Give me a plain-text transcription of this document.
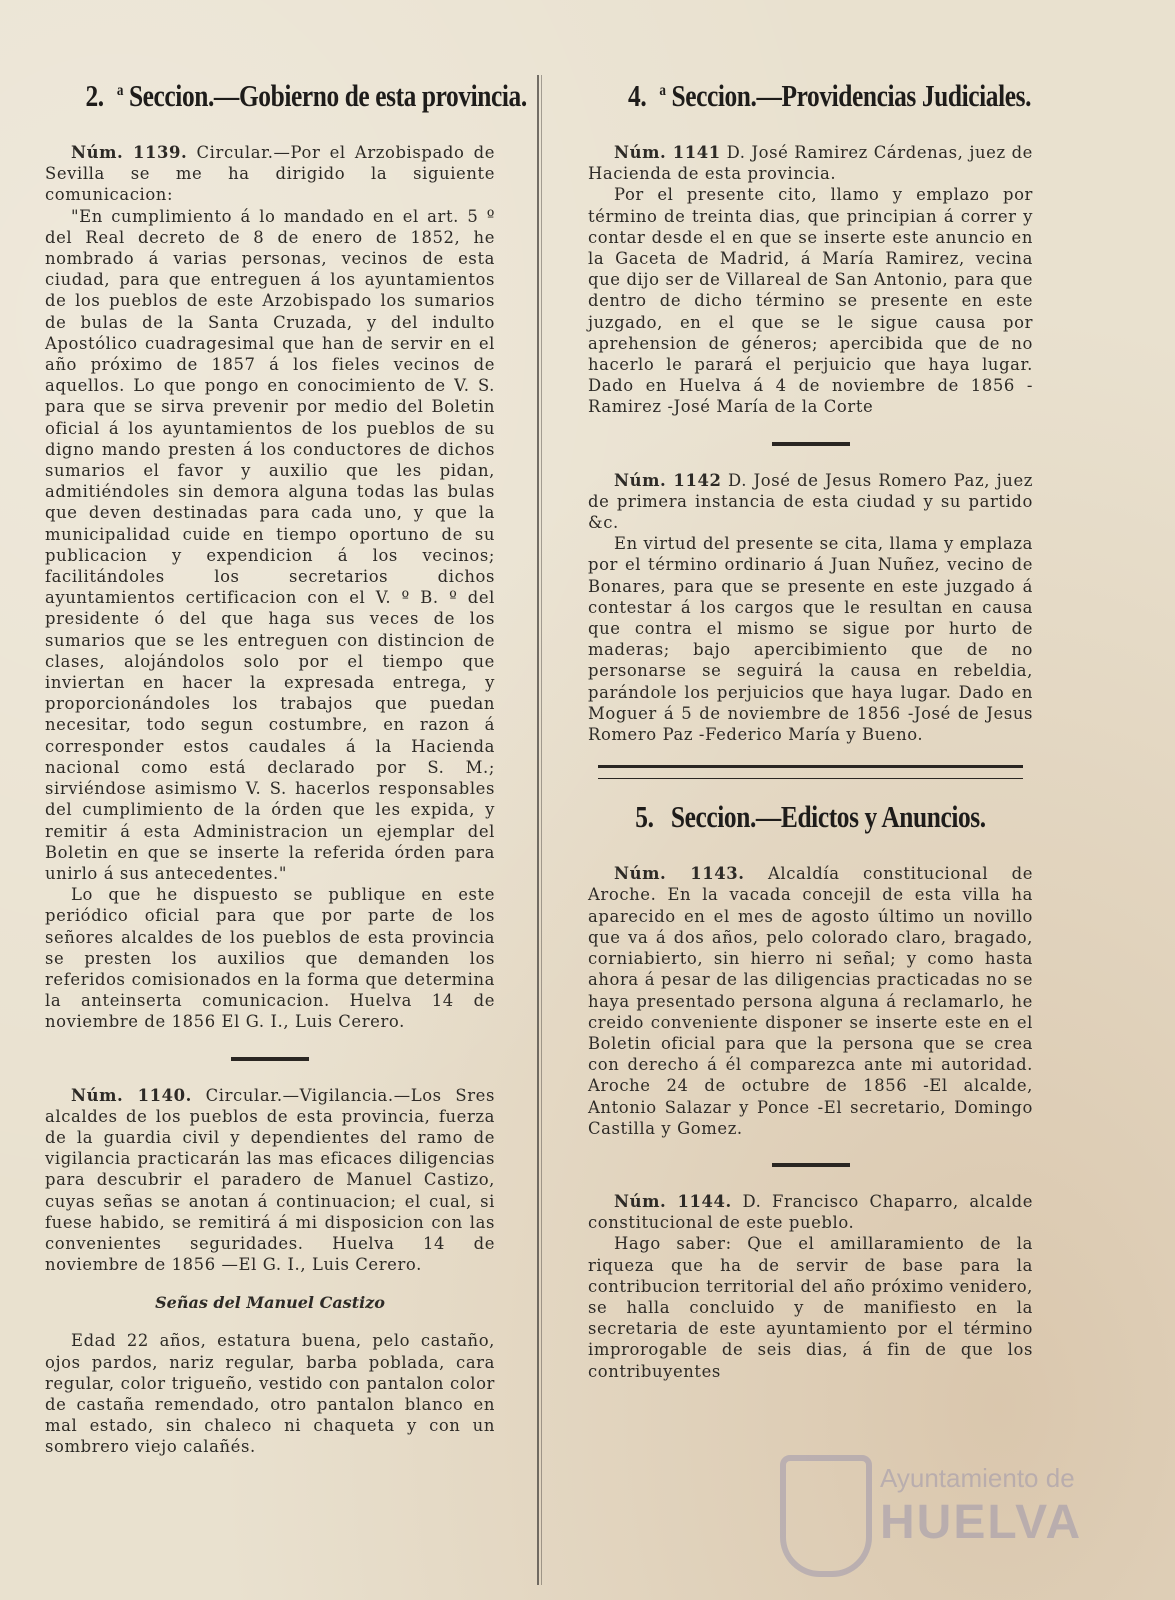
2. $^a$ Seccion.—Gobierno de esta provincia.

Núm. 1139. Circular.—Por el Arzobispado de Sevilla se me ha dirigido la siguiente comunicacion:

"En cumplimiento á lo mandado en el art. 5 º del Real decreto de 8 de enero de 1852, he nombrado á varias personas, vecinos de esta ciudad, para que entreguen á los ayuntamientos de los pueblos de este Arzobispado los sumarios de bulas de la Santa Cruzada, y del indulto Apostólico cuadragesimal que han de servir en el año próximo de 1857 á los fieles vecinos de aquellos. Lo que pongo en conocimiento de V. S. para que se sirva prevenir por medio del Boletin oficial á los ayuntamientos de los pueblos de su digno mando presten á los conductores de dichos sumarios el favor y auxilio que les pidan, admitiéndoles sin demora alguna todas las bulas que deven destinadas para cada uno, y que la municipalidad cuide en tiempo oportuno de su publicacion y expendicion á los vecinos; facilitándoles los secretarios dichos ayuntamientos certificacion con el V. º B. º del presidente ó del que haga sus veces de los sumarios que se les entreguen con distincion de clases, alojándolos solo por el tiempo que inviertan en hacer la expresada entrega, y proporcionándoles los trabajos que puedan necesitar, todo segun costumbre, en razon á corresponder estos caudales á la Hacienda nacional como está declarado por S. M.; sirviéndose asimismo V. S. hacerlos responsables del cumplimiento de la órden que les expida, y remitir á esta Administracion un ejemplar del Boletin en que se inserte la referida órden para unirlo á sus antecedentes."

Lo que he dispuesto se publique en este periódico oficial para que por parte de los señores alcaldes de los pueblos de esta provincia se presten los auxilios que demanden los referidos comisionados en la forma que determina la anteinserta comunicacion. Huelva 14 de noviembre de 1856 El G. I., Luis Cerero.

Núm. 1140. Circular.—Vigilancia.—Los Sres alcaldes de los pueblos de esta provincia, fuerza de la guardia civil y dependientes del ramo de vigilancia practicarán las mas eficaces diligencias para descubrir el paradero de Manuel Castizo, cuyas señas se anotan á continuacion; el cual, si fuese habido, se remitirá á mi disposicion con las convenientes seguridades. Huelva 14 de noviembre de 1856 —El G. I., Luis Cerero.

Señas del Manuel Castizo

Edad 22 años, estatura buena, pelo castaño, ojos pardos, nariz regular, barba poblada, cara regular, color trigueño, vestido con pantalon color de castaña remendado, otro pantalon blanco en mal estado, sin chaleco ni chaqueta y con un sombrero viejo calañés.

4. $^a$ Seccion.—Providencias Judiciales.

Núm. 1141 D. José Ramirez Cárdenas, juez de Hacienda de esta provincia.

Por el presente cito, llamo y emplazo por término de treinta dias, que principian á correr y contar desde el en que se inserte este anuncio en la Gaceta de Madrid, á María Ramirez, vecina que dijo ser de Villareal de San Antonio, para que dentro de dicho término se presente en este juzgado, en el que se le sigue causa por aprehension de géneros; apercibida que de no hacerlo le parará el perjuicio que haya lugar. Dado en Huelva á 4 de noviembre de 1856 -Ramirez -José María de la Corte

Núm. 1142 D. José de Jesus Romero Paz, juez de primera instancia de esta ciudad y su partido &c.

En virtud del presente se cita, llama y emplaza por el término ordinario á Juan Nuñez, vecino de Bonares, para que se presente en este juzgado á contestar á los cargos que le resultan en causa que contra el mismo se sigue por hurto de maderas; bajo apercibimiento que de no personarse se seguirá la causa en rebeldia, parándole los perjuicios que haya lugar. Dado en Moguer á 5 de noviembre de 1856 -José de Jesus Romero Paz -Federico María y Bueno.

5. Seccion.—Edictos y Anuncios.

Núm. 1143. Alcaldía constitucional de Aroche. En la vacada concejil de esta villa ha aparecido en el mes de agosto último un novillo que va á dos años, pelo colorado claro, bragado, corniabierto, sin hierro ni señal; y como hasta ahora á pesar de las diligencias practicadas no se haya presentado persona alguna á reclamarlo, he creido conveniente disponer se inserte este en el Boletin oficial para que la persona que se crea con derecho á él comparezca ante mi autoridad. Aroche 24 de octubre de 1856 -El alcalde, Antonio Salazar y Ponce -El secretario, Domingo Castilla y Gomez.

Núm. 1144. D. Francisco Chaparro, alcalde constitucional de este pueblo.

Hago saber: Que el amillaramiento de la riqueza que ha de servir de base para la contribucion territorial del año próximo venidero, se halla concluido y de manifiesto en la secretaria de este ayuntamiento por el término improrogable de seis dias, á fin de que los contribuyentes

Ayuntamiento de
HUELVA
